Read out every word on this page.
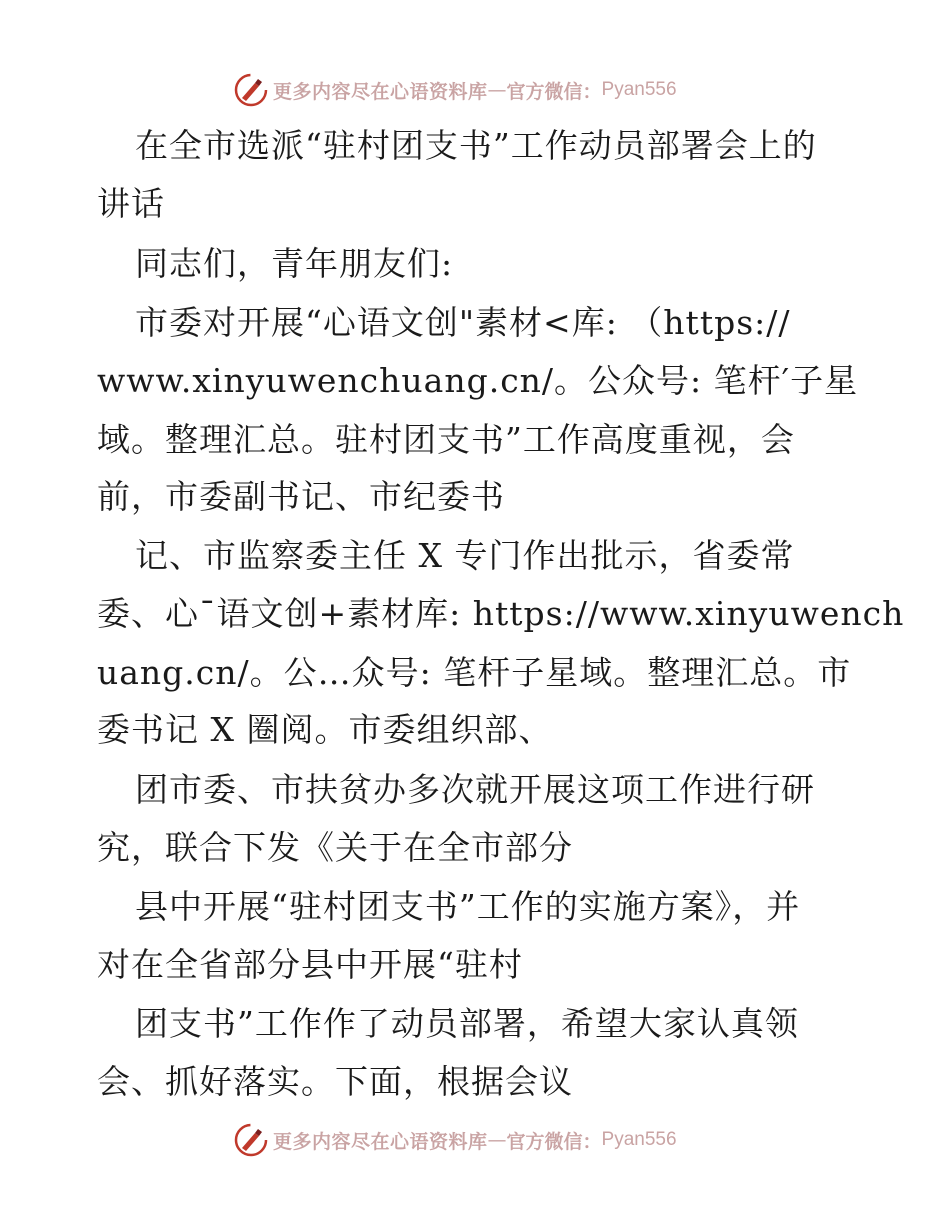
更多内容尽在心语资料库 — 官方微信： Pyan556
在全市选派“驻村团支书”工作动员部署会上的
讲话
同志们，青年朋友们:
市委对开展“心语文创"素材<库: （https://
www.xinyuwenchuang.cn/。公众号: 笔杆′子星
域。整理汇总。驻村团支书”工作高度重视，会
前，市委副书记、市纪委书
记、市监察委主任 X 专门作出批示，省委常
委、心¯语文创+素材库: https://www.xinyuwench
uang.cn/。公…众号: 笔杆子星域。整理汇总。市
委书记 X 圈阅。市委组织部、
团市委、市扶贫办多次就开展这项工作进行研
究，联合下发《关于在全市部分
县中开展“驻村团支书”工作的实施方案》，并
对在全省部分县中开展“驻村
团支书”工作作了动员部署，希望大家认真领
会、抓好落实。下面，根据会议
更多内容尽在心语资料库 — 官方微信： Pyan556
